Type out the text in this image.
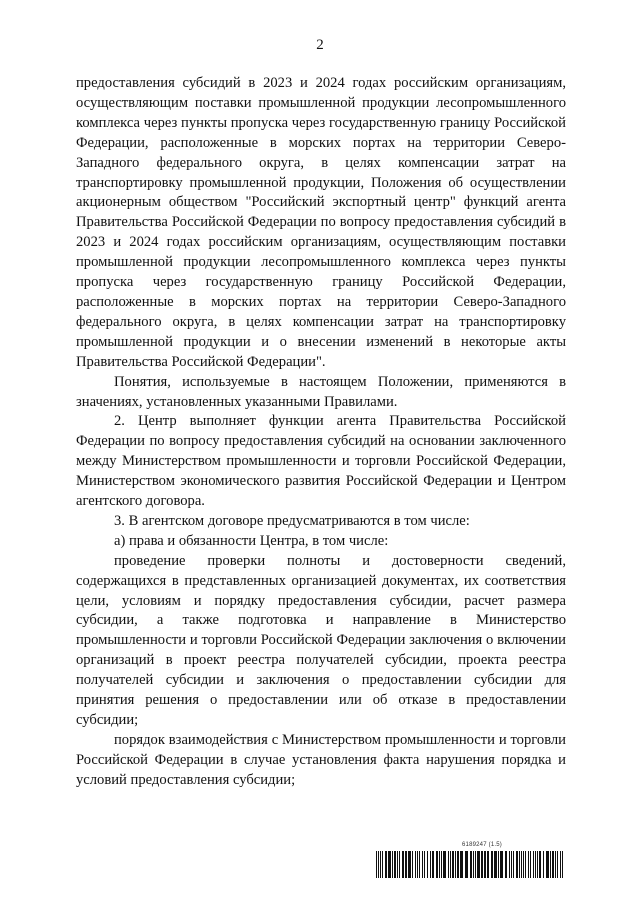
2

предоставления субсидий в 2023 и 2024 годах российским организациям, осуществляющим поставки промышленной продукции лесопромышленного комплекса через пункты пропуска через государственную границу Российской Федерации, расположенные в морских портах на территории Северо-Западного федерального округа, в целях компенсации затрат на транспортировку промышленной продукции, Положения об осуществлении акционерным обществом "Российский экспортный центр" функций агента Правительства Российской Федерации по вопросу предоставления субсидий в 2023 и 2024 годах российским организациям, осуществляющим поставки промышленной продукции лесопромышленного комплекса через пункты пропуска через государственную границу Российской Федерации, расположенные в морских портах на территории Северо-Западного федерального округа, в целях компенсации затрат на транспортировку промышленной продукции и о внесении изменений в некоторые акты Правительства Российской Федерации".

Понятия, используемые в настоящем Положении, применяются в значениях, установленных указанными Правилами.

2. Центр выполняет функции агента Правительства Российской Федерации по вопросу предоставления субсидий на основании заключенного между Министерством промышленности и торговли Российской Федерации, Министерством экономического развития Российской Федерации и Центром агентского договора.

3. В агентском договоре предусматриваются в том числе:

а) права и обязанности Центра, в том числе:

проведение проверки полноты и достоверности сведений, содержащихся в представленных организацией документах, их соответствия цели, условиям и порядку предоставления субсидии, расчет размера субсидии, а также подготовка и направление в Министерство промышленности и торговли Российской Федерации заключения о включении организаций в проект реестра получателей субсидии, проекта реестра получателей субсидии и заключения о предоставлении субсидии для принятия решения о предоставлении или об отказе в предоставлении субсидии;

порядок взаимодействия с Министерством промышленности и торговли Российской Федерации в случае установления факта нарушения порядка и условий предоставления субсидии;

6189247 (1.5)
